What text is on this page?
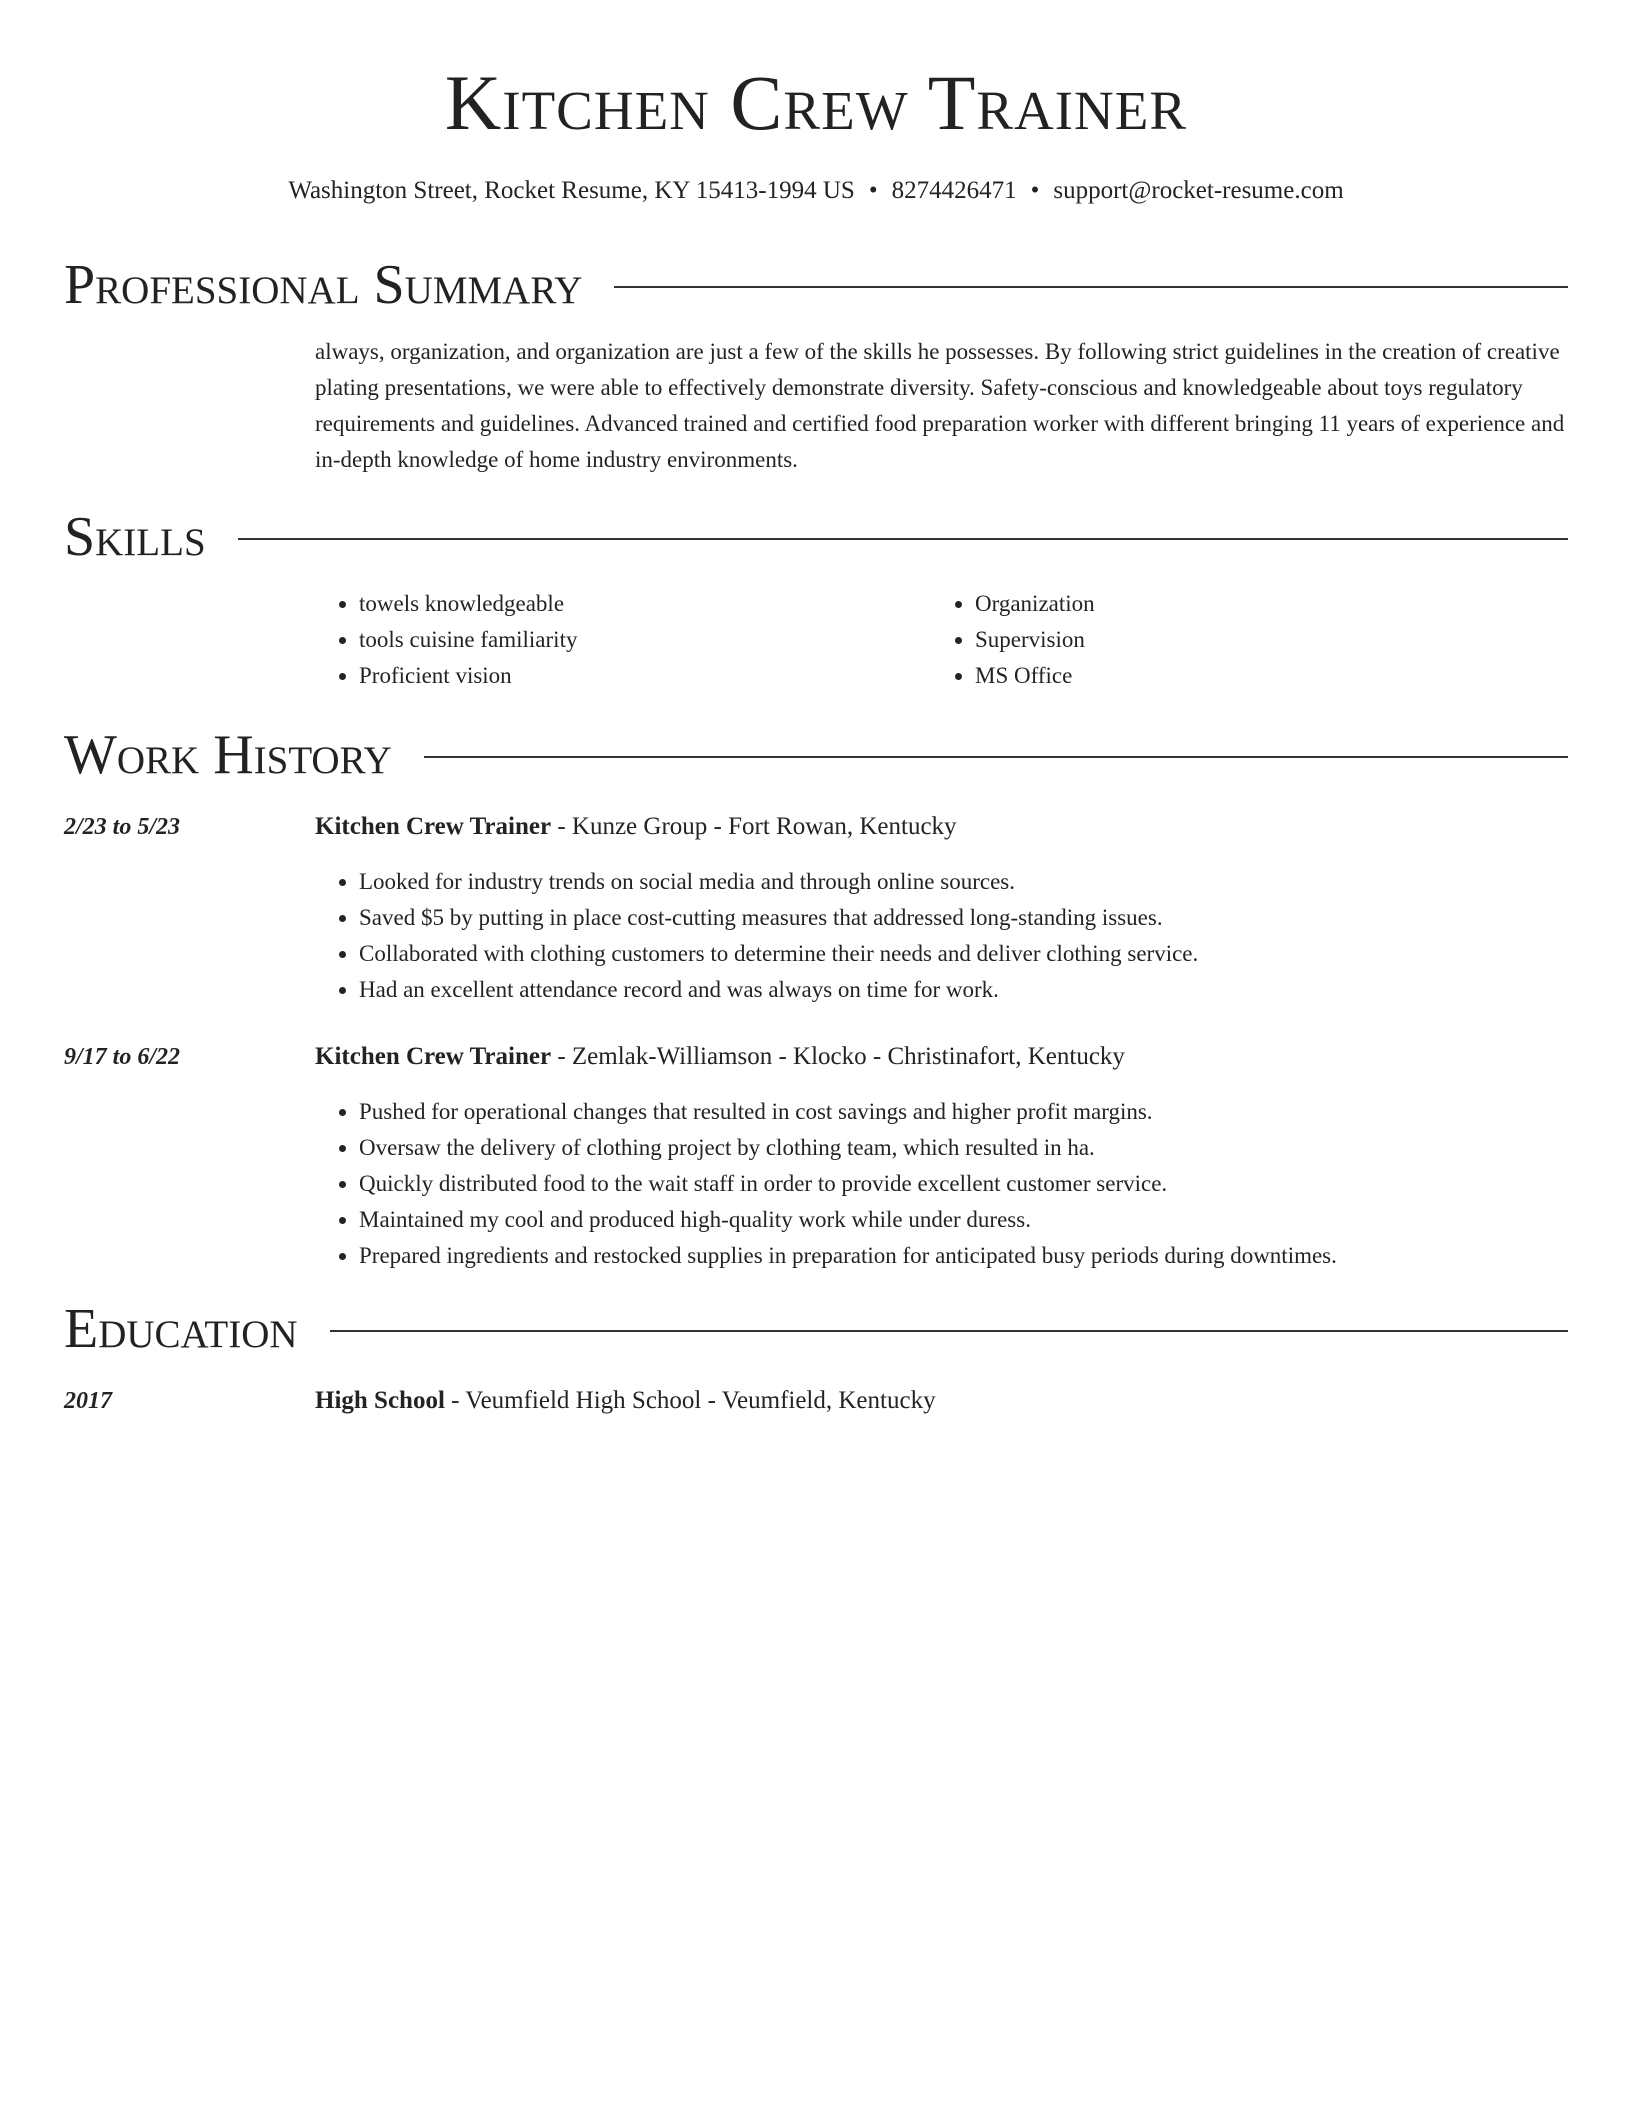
Kitchen Crew Trainer
Washington Street, Rocket Resume, KY 15413-1994 US • 8274426471 • support@rocket-resume.com
Professional Summary
always, organization, and organization are just a few of the skills he possesses. By following strict guidelines in the creation of creative plating presentations, we were able to effectively demonstrate diversity. Safety-conscious and knowledgeable about toys regulatory requirements and guidelines. Advanced trained and certified food preparation worker with different bringing 11 years of experience and in-depth knowledge of home industry environments.
Skills
• towels knowledgeable
• tools cuisine familiarity
• Proficient vision
• Organization
• Supervision
• MS Office
Work History
2/23 to 5/23	Kitchen Crew Trainer - Kunze Group - Fort Rowan, Kentucky
• Looked for industry trends on social media and through online sources.
• Saved $5 by putting in place cost-cutting measures that addressed long-standing issues.
• Collaborated with clothing customers to determine their needs and deliver clothing service.
• Had an excellent attendance record and was always on time for work.
9/17 to 6/22	Kitchen Crew Trainer - Zemlak-Williamson - Klocko - Christinafort, Kentucky
• Pushed for operational changes that resulted in cost savings and higher profit margins.
• Oversaw the delivery of clothing project by clothing team, which resulted in ha.
• Quickly distributed food to the wait staff in order to provide excellent customer service.
• Maintained my cool and produced high-quality work while under duress.
• Prepared ingredients and restocked supplies in preparation for anticipated busy periods during downtimes.
Education
2017	High School - Veumfield High School - Veumfield, Kentucky
